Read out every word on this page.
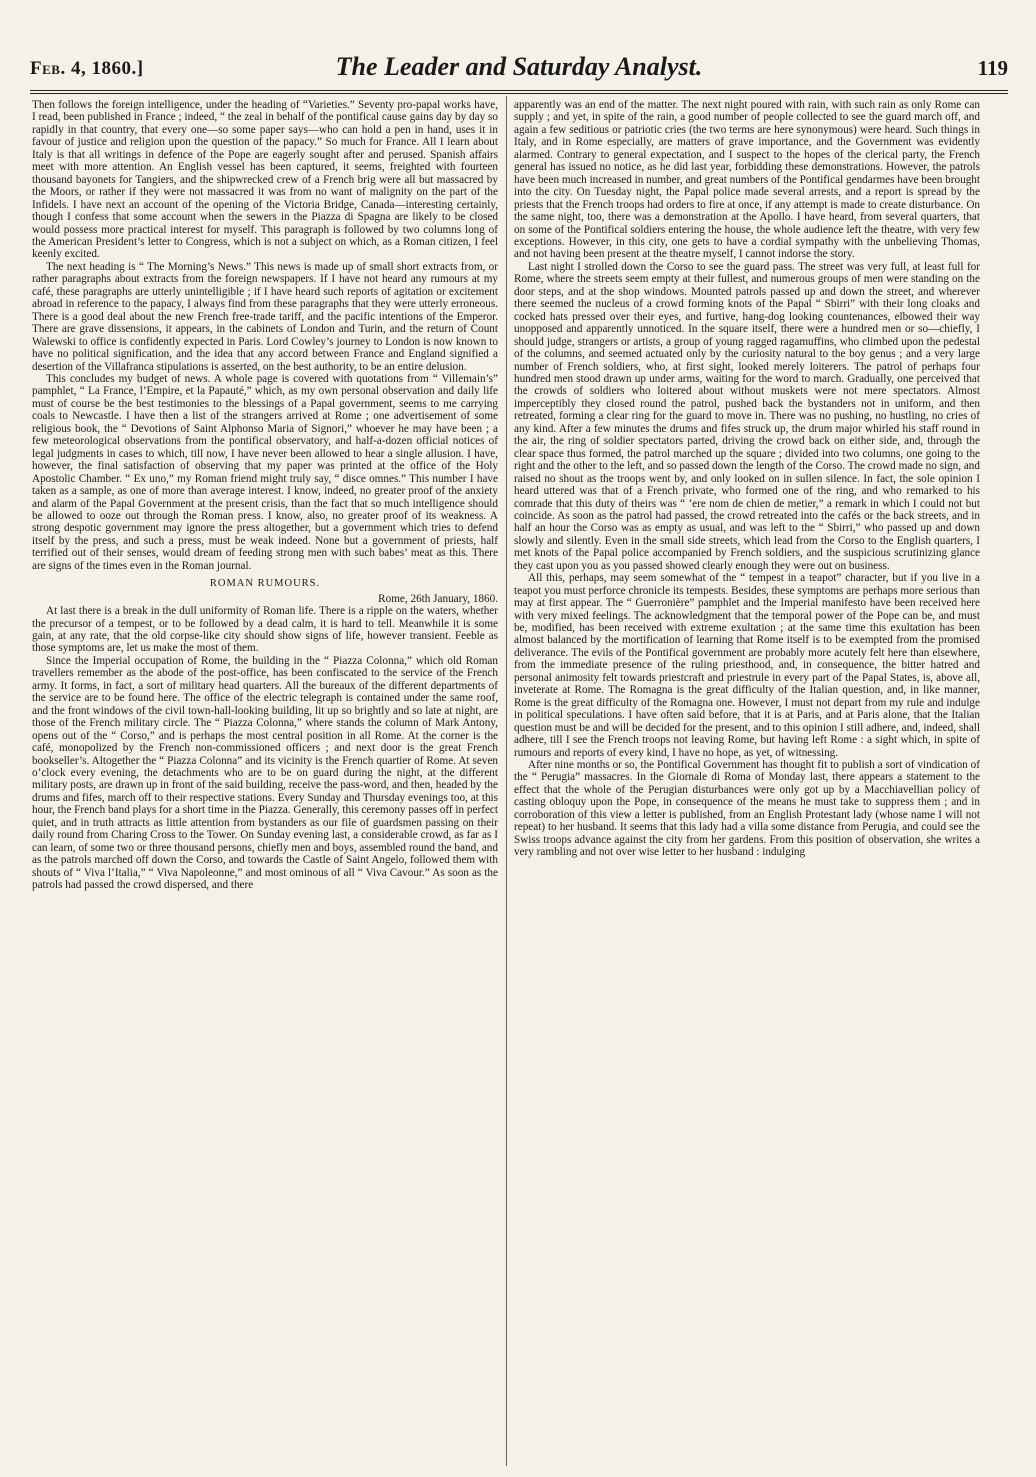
Feb. 4, 1860.]	The Leader and Saturday Analyst.	119

Then follows the foreign intelligence, under the heading of “Varieties.” Seventy pro-papal works have, I read, been published in France ; indeed, “ the zeal in behalf of the pontifical cause gains day by day so rapidly in that country, that every one—so some paper says—who can hold a pen in hand, uses it in favour of justice and religion upon the question of the papacy.” So much for France. All I learn about Italy is that all writings in defence of the Pope are eagerly sought after and perused. Spanish affairs meet with more attention. An English vessel has been captured, it seems, freighted with fourteen thousand bayonets for Tangiers, and the shipwrecked crew of a French brig were all but massacred by the Moors, or rather if they were not massacred it was from no want of malignity on the part of the Infidels. I have next an account of the opening of the Victoria Bridge, Canada—interesting certainly, though I confess that some account when the sewers in the Piazza di Spagna are likely to be closed would possess more practical interest for myself. This paragraph is followed by two columns long of the American President’s letter to Congress, which is not a subject on which, as a Roman citizen, I feel keenly excited.

The next heading is “ The Morning’s News.” This news is made up of small short extracts from, or rather paragraphs about extracts from the foreign newspapers. If I have not heard any rumours at my café, these paragraphs are utterly unintelligible ; if I have heard such reports of agitation or excitement abroad in reference to the papacy, I always find from these paragraphs that they were utterly erroneous. There is a good deal about the new French free-trade tariff, and the pacific intentions of the Emperor. There are grave dissensions, it appears, in the cabinets of London and Turin, and the return of Count Walewski to office is confidently expected in Paris. Lord Cowley’s journey to London is now known to have no political signification, and the idea that any accord between France and England signified a desertion of the Villafranca stipulations is asserted, on the best authority, to be an entire delusion.

This concludes my budget of news. A whole page is covered with quotations from “ Villemain’s” pamphlet, “ La France, l’Empire, et la Papauté,” which, as my own personal observation and daily life must of course be the best testimonies to the blessings of a Papal government, seems to me carrying coals to Newcastle. I have then a list of the strangers arrived at Rome ; one advertisement of some religious book, the “ Devotions of Saint Alphonso Maria of Signori,” whoever he may have been ; a few meteorological observations from the pontifical observatory, and half-a-dozen official notices of legal judgments in cases to which, till now, I have never been allowed to hear a single allusion. I have, however, the final satisfaction of observing that my paper was printed at the office of the Holy Apostolic Chamber. “ Ex uno,” my Roman friend might truly say, “ disce omnes.” This number I have taken as a sample, as one of more than average interest. I know, indeed, no greater proof of the anxiety and alarm of the Papal Government at the present crisis, than the fact that so much intelligence should be allowed to ooze out through the Roman press. I know, also, no greater proof of its weakness. A strong despotic government may ignore the press altogether, but a government which tries to defend itself by the press, and such a press, must be weak indeed. None but a government of priests, half terrified out of their senses, would dream of feeding strong men with such babes’ meat as this. There are signs of the times even in the Roman journal.

ROMAN RUMOURS.

Rome, 26th January, 1860.

At last there is a break in the dull uniformity of Roman life. There is a ripple on the waters, whether the precursor of a tempest, or to be followed by a dead calm, it is hard to tell. Meanwhile it is some gain, at any rate, that the old corpse-like city should show signs of life, however transient. Feeble as those symptoms are, let us make the most of them.

Since the Imperial occupation of Rome, the building in the “ Piazza Colonna,” which old Roman travellers remember as the abode of the post-office, has been confiscated to the service of the French army. It forms, in fact, a sort of military head quarters. All the bureaux of the different departments of the service are to be found here. The office of the electric telegraph is contained under the same roof, and the front windows of the civil town-hall-looking building, lit up so brightly and so late at night, are those of the French military circle. The “ Piazza Colonna,” where stands the column of Mark Antony, opens out of the “ Corso,” and is perhaps the most central position in all Rome. At the corner is the café, monopolized by the French non-commissioned officers ; and next door is the great French bookseller’s. Altogether the “ Piazza Colonna” and its vicinity is the French quartier of Rome. At seven o’clock every evening, the detachments who are to be on guard during the night, at the different military posts, are drawn up in front of the said building, receive the pass-word, and then, headed by the drums and fifes, march off to their respective stations. Every Sunday and Thursday evenings too, at this hour, the French band plays for a short time in the Piazza. Generally, this ceremony passes off in perfect quiet, and in truth attracts as little attention from bystanders as our file of guardsmen passing on their daily round from Charing Cross to the Tower. On Sunday evening last, a considerable crowd, as far as I can learn, of some two or three thousand persons, chiefly men and boys, assembled round the band, and as the patrols marched off down the Corso, and towards the Castle of Saint Angelo, followed them with shouts of “ Viva l’Italia,” “ Viva Napoleonne,” and most ominous of all “ Viva Cavour.” As soon as the patrols had passed the crowd dispersed, and there

apparently was an end of the matter. The next night poured with rain, with such rain as only Rome can supply ; and yet, in spite of the rain, a good number of people collected to see the guard march off, and again a few seditious or patriotic cries (the two terms are here synonymous) were heard. Such things in Italy, and in Rome especially, are matters of grave importance, and the Government was evidently alarmed. Contrary to general expectation, and I suspect to the hopes of the clerical party, the French general has issued no notice, as he did last year, forbidding these demonstrations. However, the patrols have been much increased in number, and great numbers of the Pontifical gendarmes have been brought into the city. On Tuesday night, the Papal police made several arrests, and a report is spread by the priests that the French troops had orders to fire at once, if any attempt is made to create disturbance. On the same night, too, there was a demonstration at the Apollo. I have heard, from several quarters, that on some of the Pontifical soldiers entering the house, the whole audience left the theatre, with very few exceptions. However, in this city, one gets to have a cordial sympathy with the unbelieving Thomas, and not having been present at the theatre myself, I cannot indorse the story.

Last night I strolled down the Corso to see the guard pass. The street was very full, at least full for Rome, where the streets seem empty at their fullest, and numerous groups of men were standing on the door steps, and at the shop windows. Mounted patrols passed up and down the street, and wherever there seemed the nucleus of a crowd forming knots of the Papal “ Sbirri” with their long cloaks and cocked hats pressed over their eyes, and furtive, hang-dog looking countenances, elbowed their way unopposed and apparently unnoticed. In the square itself, there were a hundred men or so—chiefly, I should judge, strangers or artists, a group of young ragged ragamuffins, who climbed upon the pedestal of the columns, and seemed actuated only by the curiosity natural to the boy genus ; and a very large number of French soldiers, who, at first sight, looked merely loiterers. The patrol of perhaps four hundred men stood drawn up under arms, waiting for the word to march. Gradually, one perceived that the crowds of soldiers who loitered about without muskets were not mere spectators. Almost imperceptibly they closed round the patrol, pushed back the bystanders not in uniform, and then retreated, forming a clear ring for the guard to move in. There was no pushing, no hustling, no cries of any kind. After a few minutes the drums and fifes struck up, the drum major whirled his staff round in the air, the ring of soldier spectators parted, driving the crowd back on either side, and, through the clear space thus formed, the patrol marched up the square ; divided into two columns, one going to the right and the other to the left, and so passed down the length of the Corso. The crowd made no sign, and raised no shout as the troops went by, and only looked on in sullen silence. In fact, the sole opinion I heard uttered was that of a French private, who formed one of the ring, and who remarked to his comrade that this duty of theirs was “ ’ere nom de chien de metier,” a remark in which I could not but coincide. As soon as the patrol had passed, the crowd retreated into the cafés or the back streets, and in half an hour the Corso was as empty as usual, and was left to the “ Sbirri,” who passed up and down slowly and silently. Even in the small side streets, which lead from the Corso to the English quarters, I met knots of the Papal police accompanied by French soldiers, and the suspicious scrutinizing glance they cast upon you as you passed showed clearly enough they were out on business.

All this, perhaps, may seem somewhat of the “ tempest in a teapot” character, but if you live in a teapot you must perforce chronicle its tempests. Besides, these symptoms are perhaps more serious than may at first appear. The “ Guerronière” pamphlet and the Imperial manifesto have been received here with very mixed feelings. The acknowledgment that the temporal power of the Pope can be, and must be, modified, has been received with extreme exultation ; at the same time this exultation has been almost balanced by the mortification of learning that Rome itself is to be exempted from the promised deliverance. The evils of the Pontifical government are probably more acutely felt here than elsewhere, from the immediate presence of the ruling priesthood, and, in consequence, the bitter hatred and personal animosity felt towards priestcraft and priestrule in every part of the Papal States, is, above all, inveterate at Rome. The Romagna is the great difficulty of the Italian question, and, in like manner, Rome is the great difficulty of the Romagna one. However, I must not depart from my rule and indulge in political speculations. I have often said before, that it is at Paris, and at Paris alone, that the Italian question must be and will be decided for the present, and to this opinion I still adhere, and, indeed, shall adhere, till I see the French troops not leaving Rome, but having left Rome : a sight which, in spite of rumours and reports of every kind, I have no hope, as yet, of witnessing.

After nine months or so, the Pontifical Government has thought fit to publish a sort of vindication of the “ Perugia” massacres. In the Giornale di Roma of Monday last, there appears a statement to the effect that the whole of the Perugian disturbances were only got up by a Macchiavellian policy of casting obloquy upon the Pope, in consequence of the means he must take to suppress them ; and in corroboration of this view a letter is published, from an English Protestant lady (whose name I will not repeat) to her husband. It seems that this lady had a villa some distance from Perugia, and could see the Swiss troops advance against the city from her gardens. From this position of observation, she writes a very rambling and not over wise letter to her husband : indulging
